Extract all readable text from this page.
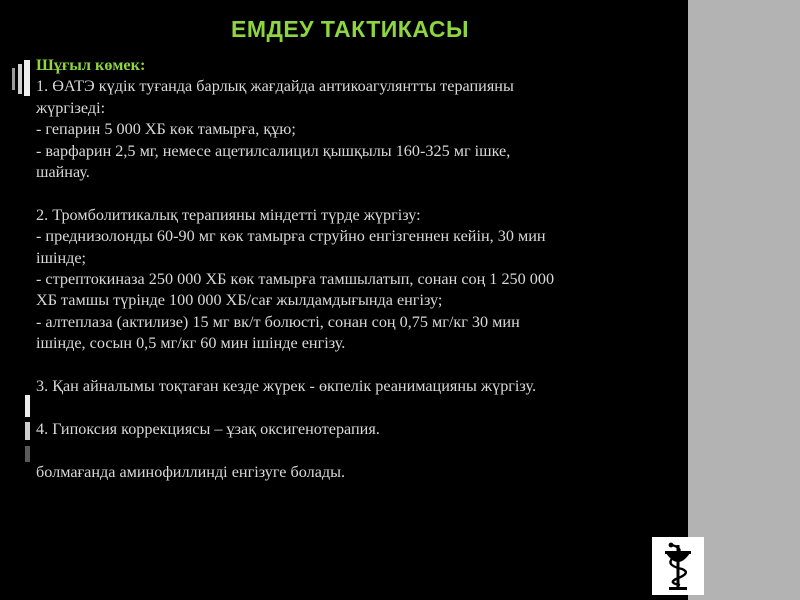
ЕМДЕУ ТАКТИКАСЫ
Шұғыл көмек:
1. ӨАТЭ күдік туғанда барлық жағдайда антикоагулянтты терапияны
жүргізеді:
- гепарин 5 000 ХБ көк тамырға, құю;
- варфарин 2,5 мг, немесе ацетилсалицил қышқылы 160-325 мг ішке,
шайнау.
2. Тромболитикалық терапияны міндетті түрде жүргізу:
- преднизолонды 60-90 мг көк тамырға струйно енгізгеннен кейін, 30 мин
ішінде;
- стрептокиназа 250 000 ХБ көк тамырға тамшылатып, сонан соң 1 250 000
ХБ тамшы түрінде 100 000 ХБ/сағ жылдамдығында енгізу;
- алтеплаза (актилизе) 15 мг вк/т болюсті, сонан соң 0,75 мг/кг 30 мин
ішінде, сосын 0,5 мг/кг 60 мин ішінде енгізу.
3. Қан айналымы тоқтаған кезде жүрек - өкпелік реанимацияны жүргізу.
4. Гипоксия коррекциясы – ұзақ оксигенотерапия.
болмағанда аминофиллинді енгізуге болады.
